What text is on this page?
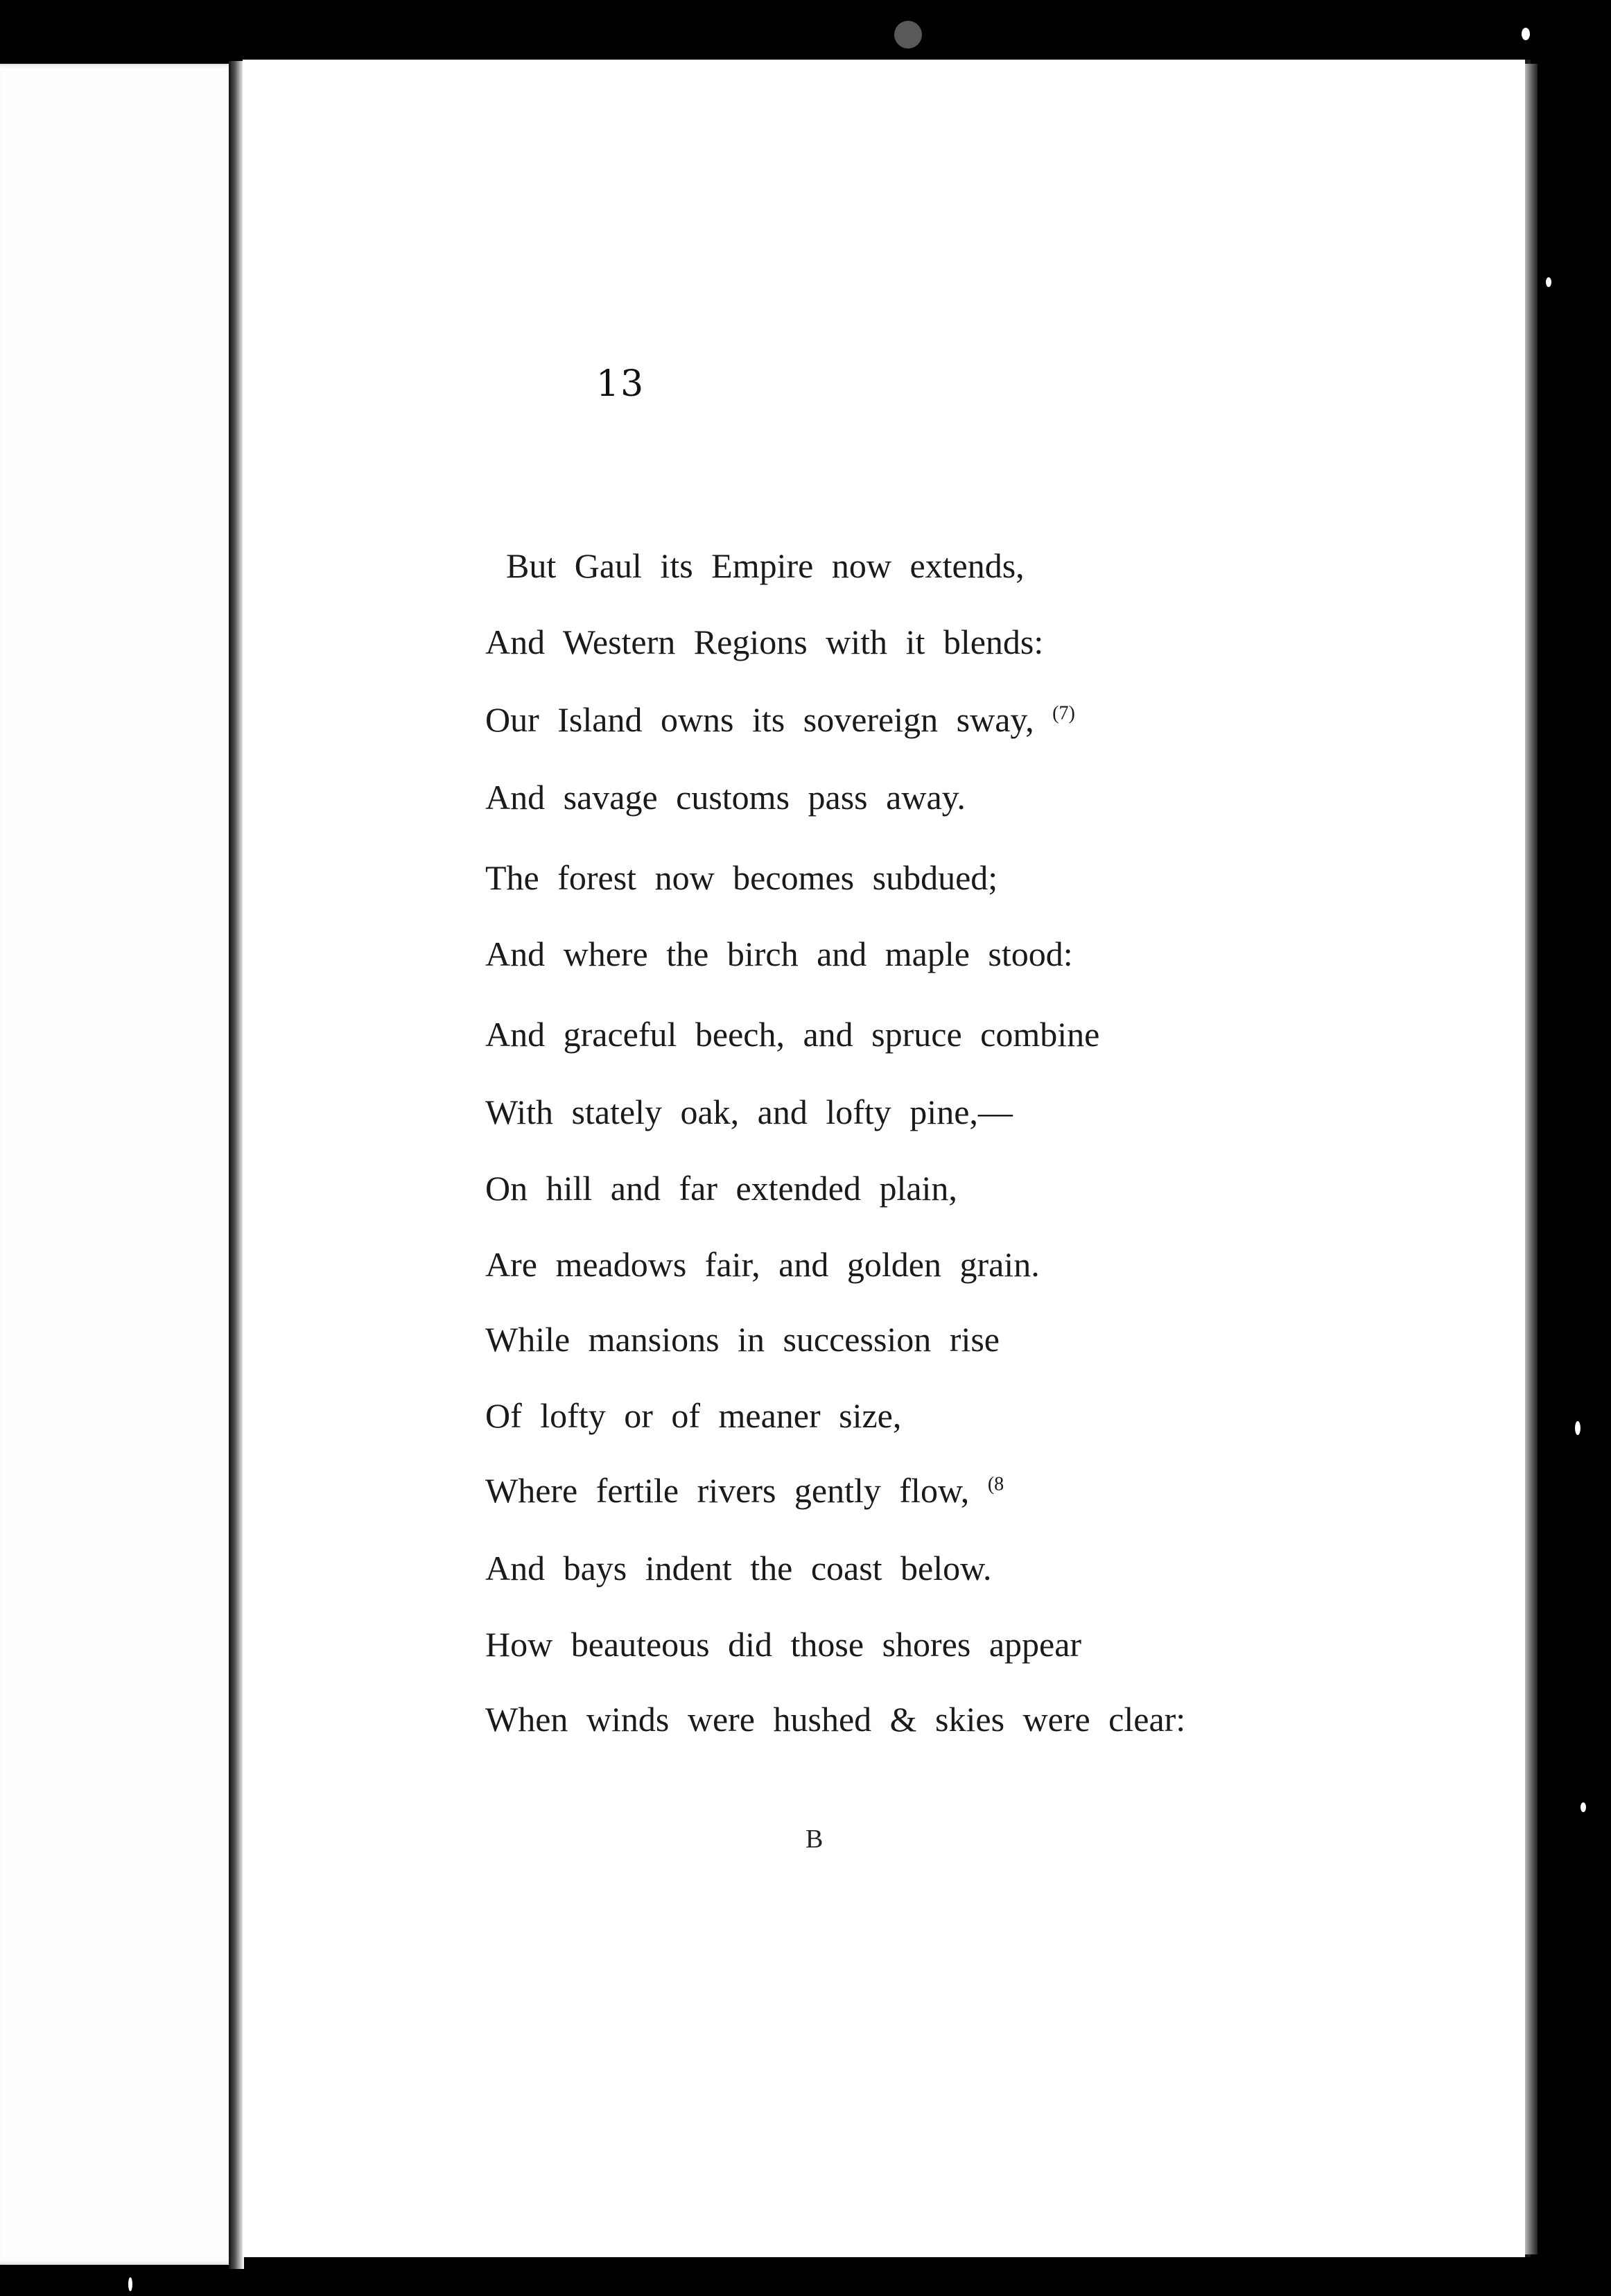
13
But Gaul its Empire now extends,
And Western Regions with it blends:
Our Island owns its sovereign sway, $^{(7)}$
And savage customs pass away.
The forest now becomes subdued;
And where the birch and maple stood:
And graceful beech, and spruce combine
With stately oak, and lofty pine,—
On hill and far extended plain,
Are meadows fair, and golden grain.
While mansions in succession rise
Of lofty or of meaner size,
Where fertile rivers gently flow, $^{(8}$
And bays indent the coast below.
How beauteous did those shores appear
When winds were hushed & skies were clear:
B
